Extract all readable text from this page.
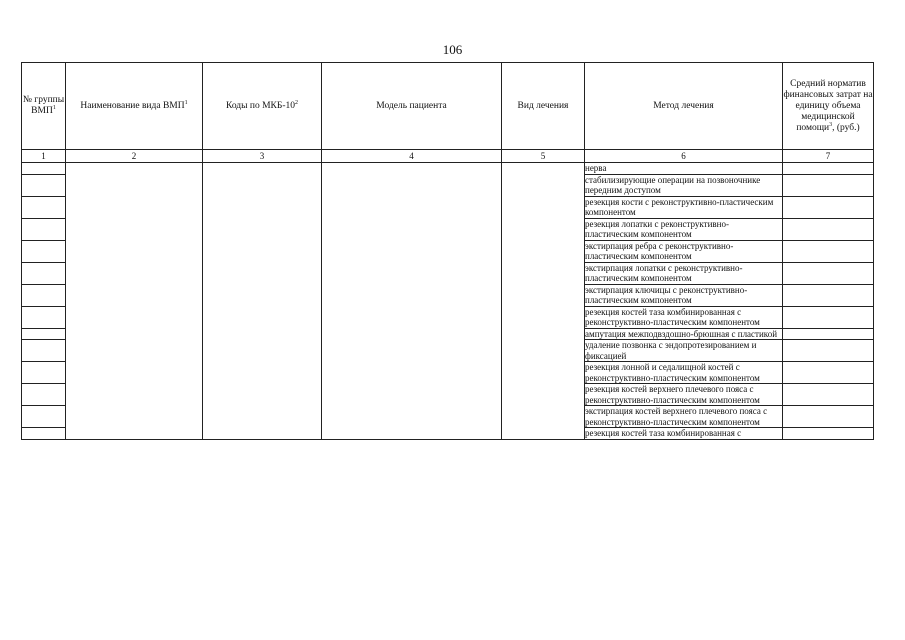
106
№ группы ВМП$^1$	Наименование вида ВМП$^1$	Коды по МКБ-$10^2$	Модель пациента	Вид лечения	Метод лечения	Средний норматив финансовых затрат на единицу объема медицинской помощи$^3$, (руб.)
1	2	3	4	5	6	7
					нерва	
					стабилизирующие операции на позвоночнике передним доступом	
					резекция кости с реконструктивно-пластическим компонентом	
					резекция лопатки с реконструктивно-пластическим компонентом	
					экстирпация ребра с реконструктивно-пластическим компонентом	
					экстирпация лопатки с реконструктивно-пластическим компонентом	
					экстирпация ключицы с реконструктивно-пластическим компонентом	
					резекция костей таза комбинированная с реконструктивно-пластическим компонентом	
					ампутация межподвздошно-брюшная с пластикой	
					удаление позвонка с эндопротезированием и фиксацией	
					резекция лонной и седалищной костей с реконструктивно-пластическим компонентом	
					резекция костей верхнего плечевого пояса с реконструктивно-пластическим компонентом	
					экстирпация костей верхнего плечевого пояса с реконструктивно-пластическим компонентом	
					резекция костей таза комбинированная с	
